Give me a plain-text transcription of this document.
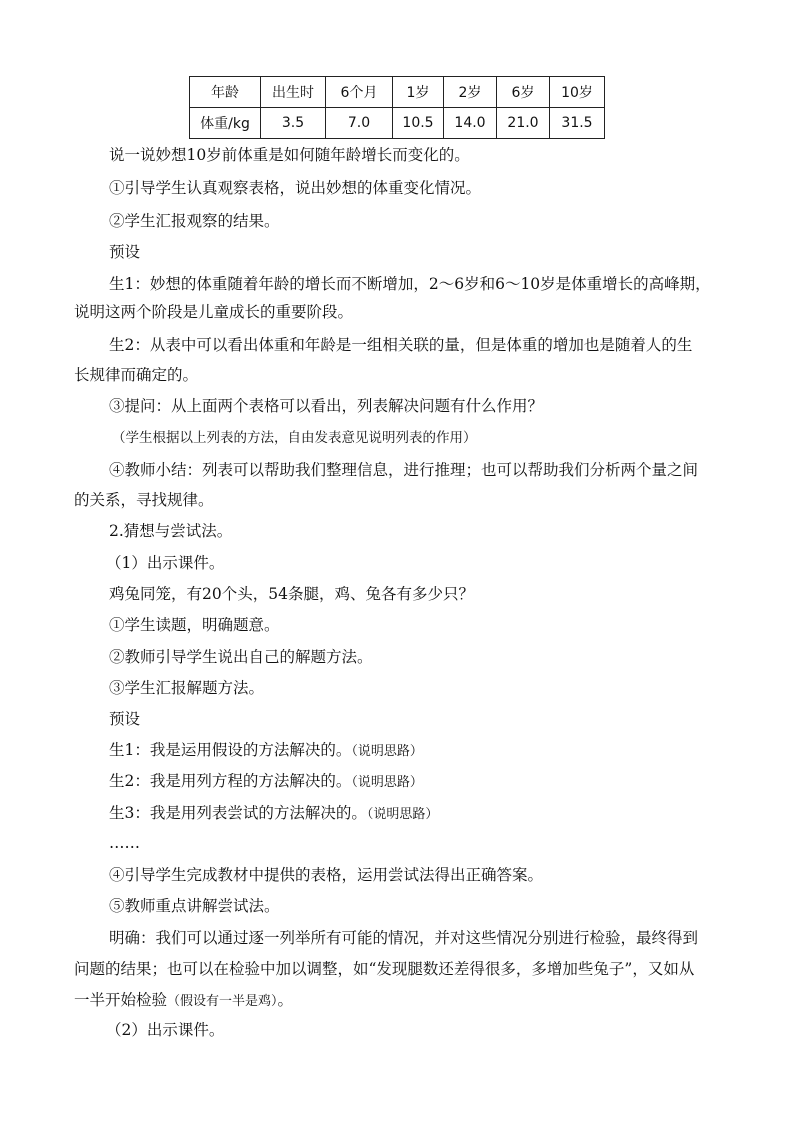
年龄	出生时	6个月	1岁	2岁	6岁	10岁
体重/kg	3.5	7.0	10.5	14.0	21.0	31.5
说一说妙想10岁前体重是如何随年龄增长而变化的。
①引导学生认真观察表格，说出妙想的体重变化情况。
②学生汇报观察的结果。
预设
生1：妙想的体重随着年龄的增长而不断增加，2～6岁和6～10岁是体重增长的高峰期，
说明这两个阶段是儿童成长的重要阶段。
生2：从表中可以看出体重和年龄是一组相关联的量，但是体重的增加也是随着人的生
长规律而确定的。
③提问：从上面两个表格可以看出，列表解决问题有什么作用？
（学生根据以上列表的方法，自由发表意见说明列表的作用）
④教师小结：列表可以帮助我们整理信息，进行推理；也可以帮助我们分析两个量之间
的关系，寻找规律。
2.猜想与尝试法。
（1）出示课件。
鸡兔同笼，有20个头，54条腿，鸡、兔各有多少只？
①学生读题，明确题意。
②教师引导学生说出自己的解题方法。
③学生汇报解题方法。
预设
生1：我是运用假设的方法解决的。（说明思路）
生2：我是用列方程的方法解决的。（说明思路）
生3：我是用列表尝试的方法解决的。（说明思路）
……
④引导学生完成教材中提供的表格，运用尝试法得出正确答案。
⑤教师重点讲解尝试法。
明确：我们可以通过逐一列举所有可能的情况，并对这些情况分别进行检验，最终得到
问题的结果；也可以在检验中加以调整，如“发现腿数还差得很多，多增加些兔子”，又如从
一半开始检验（假设有一半是鸡）。
（2）出示课件。
